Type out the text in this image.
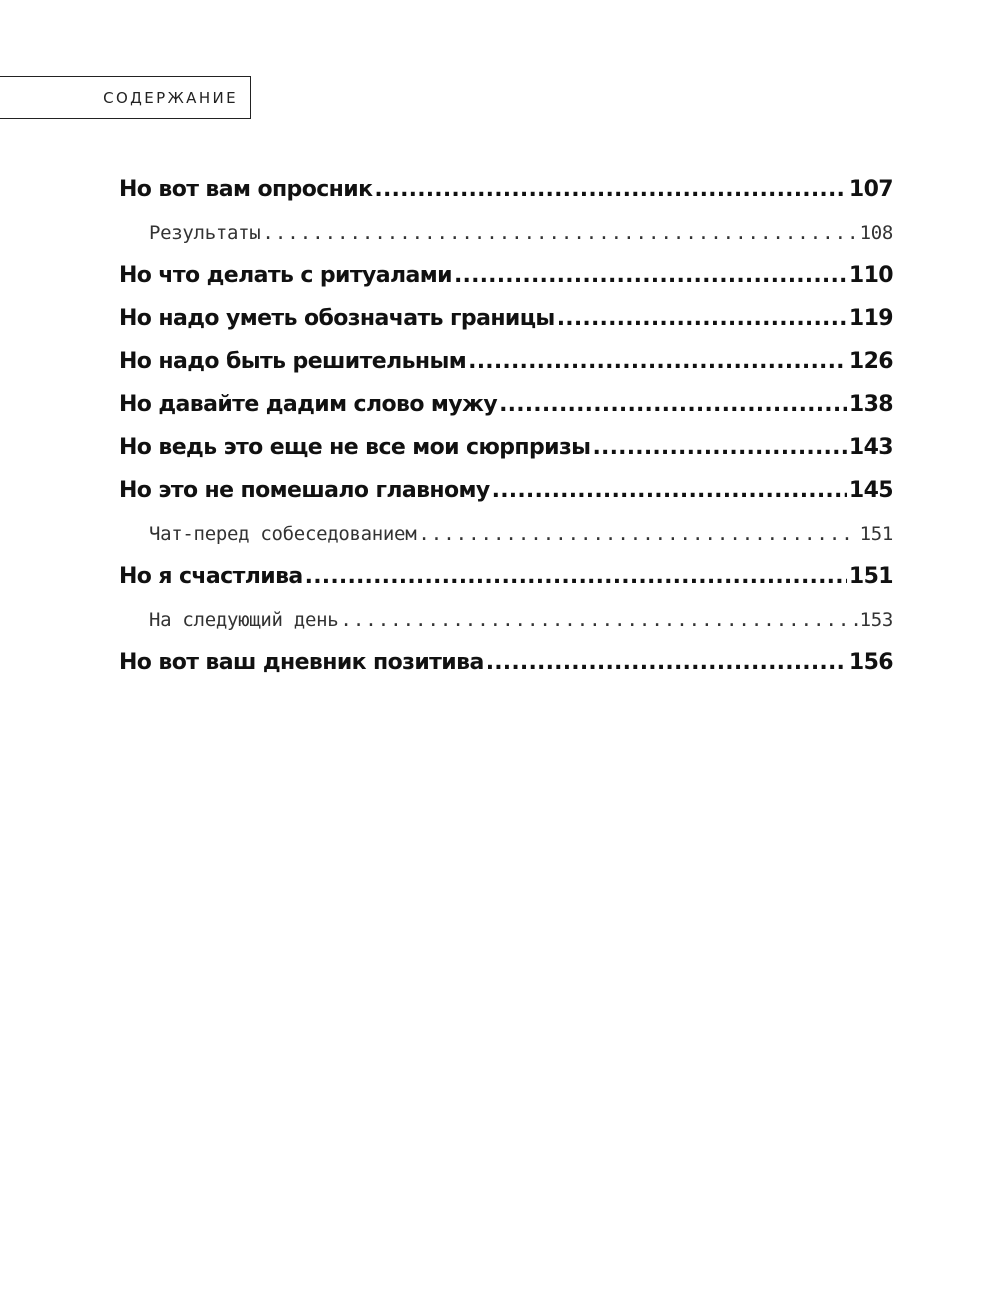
СОДЕРЖАНИЕ
Но вот вам опросник .....	107
Результаты .....	108
Но что делать с ритуалами .....	110
Но надо уметь обозначать границы .....	119
Но надо быть решительным .....	126
Но давайте дадим слово мужу .....	138
Но ведь это еще не все мои сюрпризы .....	143
Но это не помешало главному .....	145
Чат-перед собеседованием .....	151
Но я счастлива .....	151
На следующий день .....	153
Но вот ваш дневник позитива .....	156
